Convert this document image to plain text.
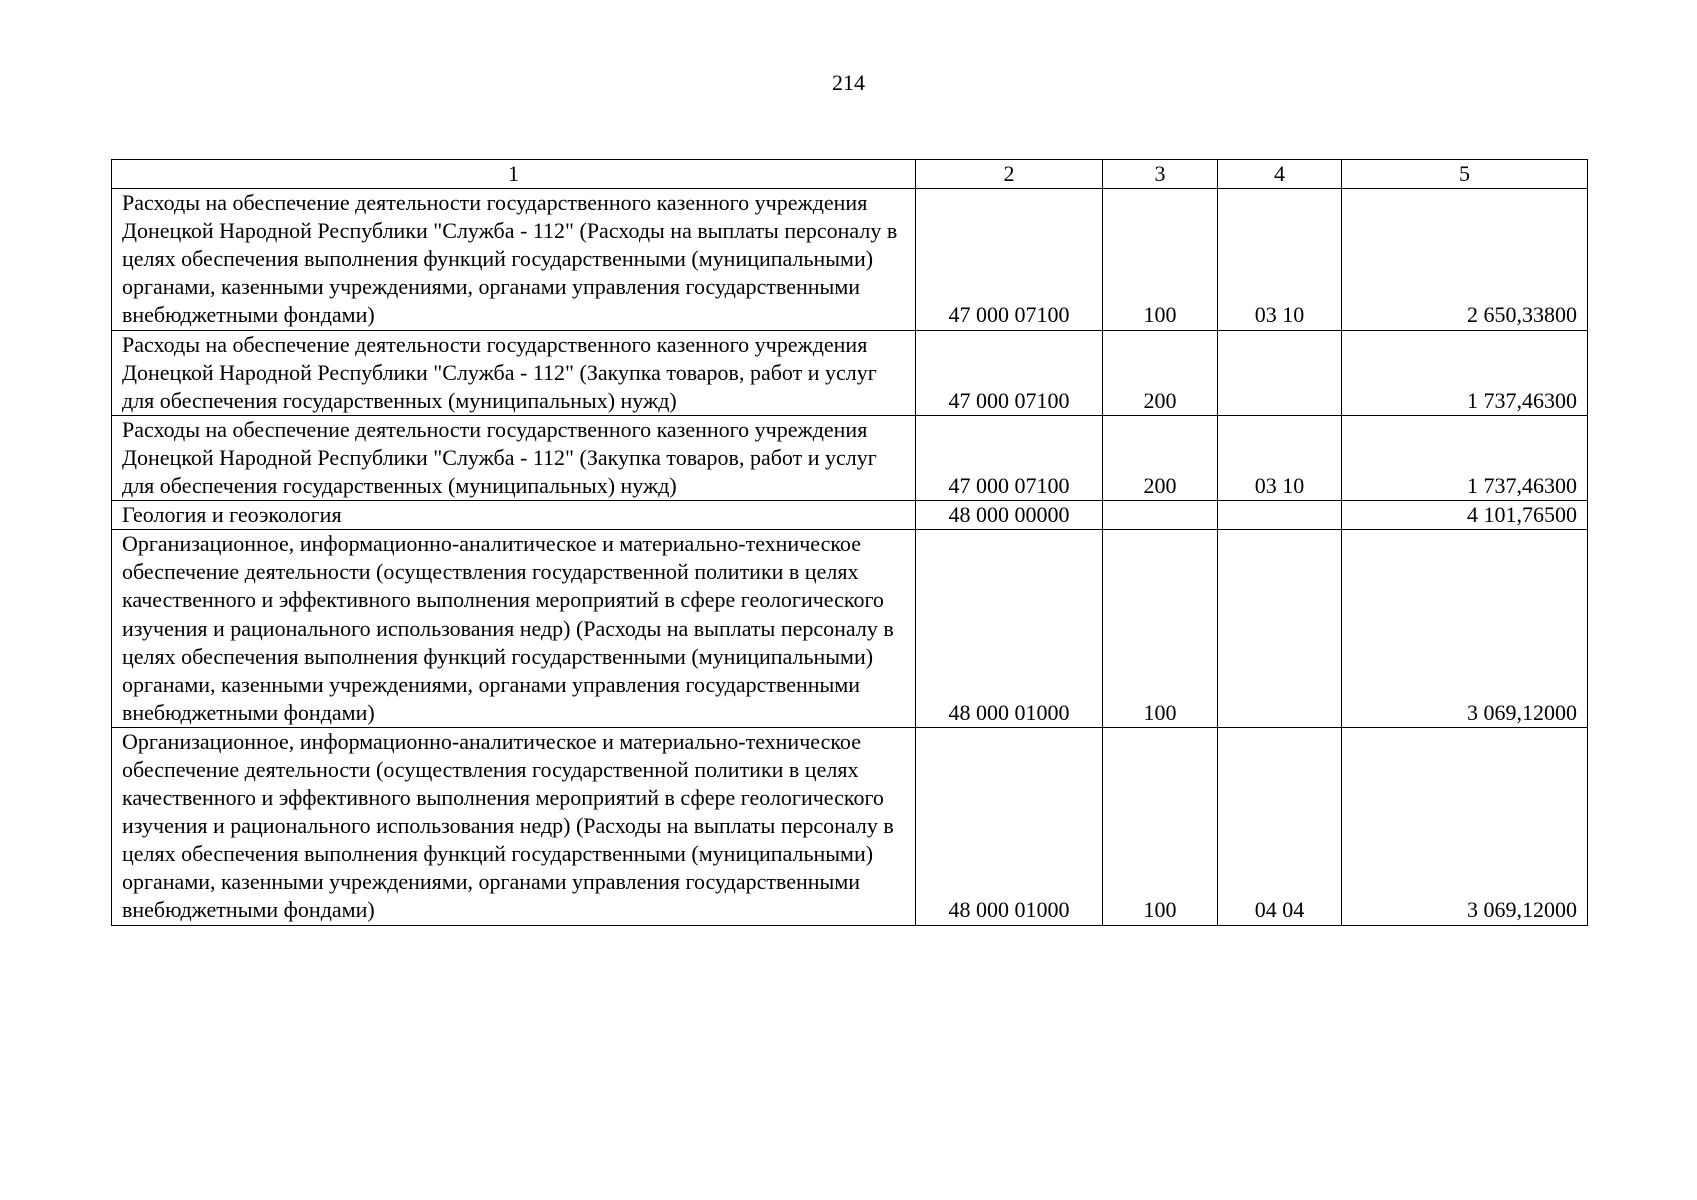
214
1	2	3	4	5
Расходы на обеспечение деятельности государственного казенного учреждения Донецкой Народной Республики "Служба - 112" (Расходы на выплаты персоналу в целях обеспечения выполнения функций государственными (муниципальными) органами, казенными учреждениями, органами управления государственными внебюджетными фондами)	47 000 07100	100	03 10	2 650,33800
Расходы на обеспечение деятельности государственного казенного учреждения Донецкой Народной Республики "Служба - 112" (Закупка товаров, работ и услуг для обеспечения государственных (муниципальных) нужд)	47 000 07100	200		1 737,46300
Расходы на обеспечение деятельности государственного казенного учреждения Донецкой Народной Республики "Служба - 112" (Закупка товаров, работ и услуг для обеспечения государственных (муниципальных) нужд)	47 000 07100	200	03 10	1 737,46300
Геология и геоэкология	48 000 00000			4 101,76500
Организационное, информационно-аналитическое и материально-техническое обеспечение деятельности (осуществления государственной политики в целях качественного и эффективного выполнения мероприятий в сфере геологического изучения и рационального использования недр) (Расходы на выплаты персоналу в целях обеспечения выполнения функций государственными (муниципальными) органами, казенными учреждениями, органами управления государственными внебюджетными фондами)	48 000 01000	100		3 069,12000
Организационное, информационно-аналитическое и материально-техническое обеспечение деятельности (осуществления государственной политики в целях качественного и эффективного выполнения мероприятий в сфере геологического изучения и рационального использования недр) (Расходы на выплаты персоналу в целях обеспечения выполнения функций государственными (муниципальными) органами, казенными учреждениями, органами управления государственными внебюджетными фондами)	48 000 01000	100	04 04	3 069,12000
